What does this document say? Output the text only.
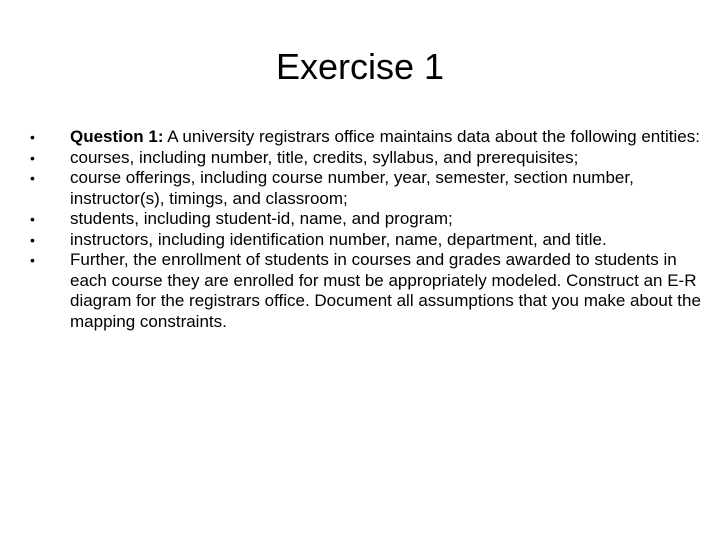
Exercise 1
•	Question 1: A university registrars office maintains data about the following entities:
•	courses, including number, title, credits, syllabus, and prerequisites;
•	course offerings, including course number, year, semester, section number, instructor(s), timings, and classroom;
•	students, including student-id, name, and program;
•	instructors, including identification number, name, department, and title.
•	Further, the enrollment of students in courses and grades awarded to students in each course they are enrolled for must be appropriately modeled. Construct an E-R diagram for the registrars office. Document all assumptions that you make about the mapping constraints.
